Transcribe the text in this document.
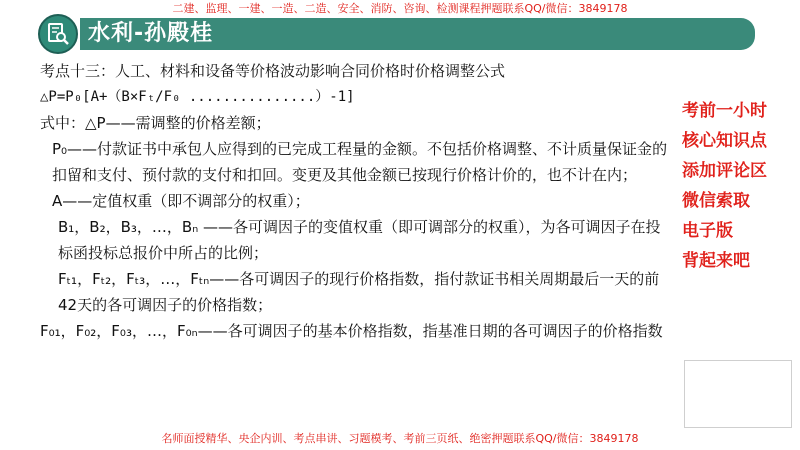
二建、监理、一建、一造、二造、安全、消防、咨询、检测课程押题联系QQ/微信：3849178
水利-孙殿桂
考点十三：人工、材料和设备等价格波动影响合同价格时价格调整公式
△P=P₀[A+（B×Fₜ/F₀ ...............）-1]
式中：△P——需调整的价格差额；
P₀——付款证书中承包人应得到的已完成工程量的金额。不包括价格调整、不计质量保证金的扣留和支付、预付款的支付和扣回。变更及其他金额已按现行价格计价的，也不计在内；
A——定值权重（即不调部分的权重）；
B₁，B₂，B₃，…，Bₙ ——各可调因子的变值权重（即可调部分的权重），为各可调因子在投标函投标总报价中所占的比例；
Fₜ₁，Fₜ₂，Fₜ₃，…，Fₜₙ——各可调因子的现行价格指数，指付款证书相关周期最后一天的前42天的各可调因子的价格指数；
F₀₁，F₀₂，F₀₃，…，F₀ₙ——各可调因子的基本价格指数，指基准日期的各可调因子的价格指数
考前一小时
核心知识点
添加评论区
微信索取
电子版
背起来吧
名师面授精华、央企内训、考点串讲、习题模考、考前三页纸、绝密押题联系QQ/微信：3849178
